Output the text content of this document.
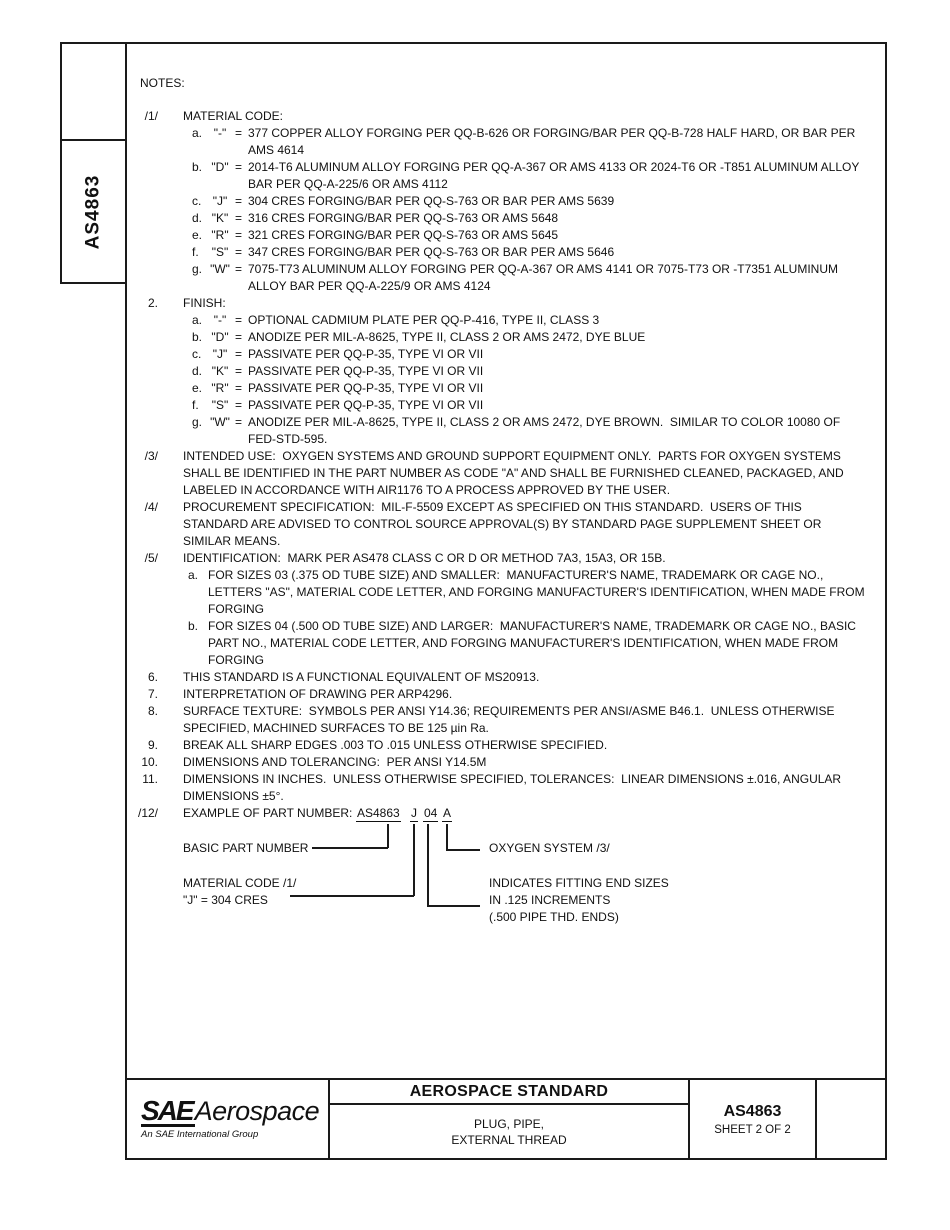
AS4863
NOTES:
/1/ MATERIAL CODE:
a. "-" = 377 COPPER ALLOY FORGING PER QQ-B-626 OR FORGING/BAR PER QQ-B-728 HALF HARD, OR BAR PER
AMS 4614
b. "D" = 2014-T6 ALUMINUM ALLOY FORGING PER QQ-A-367 OR AMS 4133 OR 2024-T6 OR -T851 ALUMINUM ALLOY
BAR PER QQ-A-225/6 OR AMS 4112
c. "J" = 304 CRES FORGING/BAR PER QQ-S-763 OR BAR PER AMS 5639
d. "K" = 316 CRES FORGING/BAR PER QQ-S-763 OR AMS 5648
e. "R" = 321 CRES FORGING/BAR PER QQ-S-763 OR AMS 5645
f.	"S" = 347 CRES FORGING/BAR PER QQ-S-763 OR BAR PER AMS 5646
g. "W" = 7075-T73 ALUMINUM ALLOY FORGING PER QQ-A-367 OR AMS 4141 OR 7075-T73 OR -T7351 ALUMINUM
ALLOY BAR PER QQ-A-225/9 OR AMS 4124
2. FINISH:
a. "-" = OPTIONAL CADMIUM PLATE PER QQ-P-416, TYPE II, CLASS 3
b. "D" = ANODIZE PER MIL-A-8625, TYPE II, CLASS 2 OR AMS 2472, DYE BLUE
c. "J" = PASSIVATE PER QQ-P-35, TYPE VI OR VII
d. "K" = PASSIVATE PER QQ-P-35, TYPE VI OR VII
e. "R" = PASSIVATE PER QQ-P-35, TYPE VI OR VII
f.	"S" = PASSIVATE PER QQ-P-35, TYPE VI OR VII
g. "W" = ANODIZE PER MIL-A-8625, TYPE II, CLASS 2 OR AMS 2472, DYE BROWN.  SIMILAR TO COLOR 10080 OF
FED-STD-595.
/3/ INTENDED USE:  OXYGEN SYSTEMS AND GROUND SUPPORT EQUIPMENT ONLY.  PARTS FOR OXYGEN SYSTEMS
SHALL BE IDENTIFIED IN THE PART NUMBER AS CODE "A" AND SHALL BE FURNISHED CLEANED, PACKAGED, AND
LABELED IN ACCORDANCE WITH AIR1176 TO A PROCESS APPROVED BY THE USER.
/4/ PROCUREMENT SPECIFICATION:  MIL-F-5509 EXCEPT AS SPECIFIED ON THIS STANDARD.  USERS OF THIS
STANDARD ARE ADVISED TO CONTROL SOURCE APPROVAL(S) BY STANDARD PAGE SUPPLEMENT SHEET OR
SIMILAR MEANS.
/5/ IDENTIFICATION:  MARK PER AS478 CLASS C OR D OR METHOD 7A3, 15A3, OR 15B.
a. FOR SIZES 03 (.375 OD TUBE SIZE) AND SMALLER:  MANUFACTURER'S NAME, TRADEMARK OR CAGE NO.,
LETTERS "AS", MATERIAL CODE LETTER, AND FORGING MANUFACTURER'S IDENTIFICATION, WHEN MADE FROM
FORGING
b. FOR SIZES 04 (.500 OD TUBE SIZE) AND LARGER:  MANUFACTURER'S NAME, TRADEMARK OR CAGE NO., BASIC
PART NO., MATERIAL CODE LETTER, AND FORGING MANUFACTURER'S IDENTIFICATION, WHEN MADE FROM
FORGING
6. THIS STANDARD IS A FUNCTIONAL EQUIVALENT OF MS20913.
7. INTERPRETATION OF DRAWING PER ARP4296.
8. SURFACE TEXTURE:  SYMBOLS PER ANSI Y14.36; REQUIREMENTS PER ANSI/ASME B46.1.  UNLESS OTHERWISE
SPECIFIED, MACHINED SURFACES TO BE 125 µin Ra.
9. BREAK ALL SHARP EDGES .003 TO .015 UNLESS OTHERWISE SPECIFIED.
10. DIMENSIONS AND TOLERANCING:  PER ANSI Y14.5M
11. DIMENSIONS IN INCHES.  UNLESS OTHERWISE SPECIFIED, TOLERANCES:  LINEAR DIMENSIONS ±.016, ANGULAR
DIMENSIONS ±5°.
/12/ EXAMPLE OF PART NUMBER: AS4863 J 04 A
BASIC PART NUMBER	OXYGEN SYSTEM /3/
MATERIAL CODE /1/
"J" = 304 CRES
INDICATES FITTING END SIZES
IN .125 INCREMENTS
(.500 PIPE THD. ENDS)
SAE Aerospace
An SAE International Group
AEROSPACE STANDARD
PLUG, PIPE,
EXTERNAL THREAD
AS4863
SHEET 2 OF 2
